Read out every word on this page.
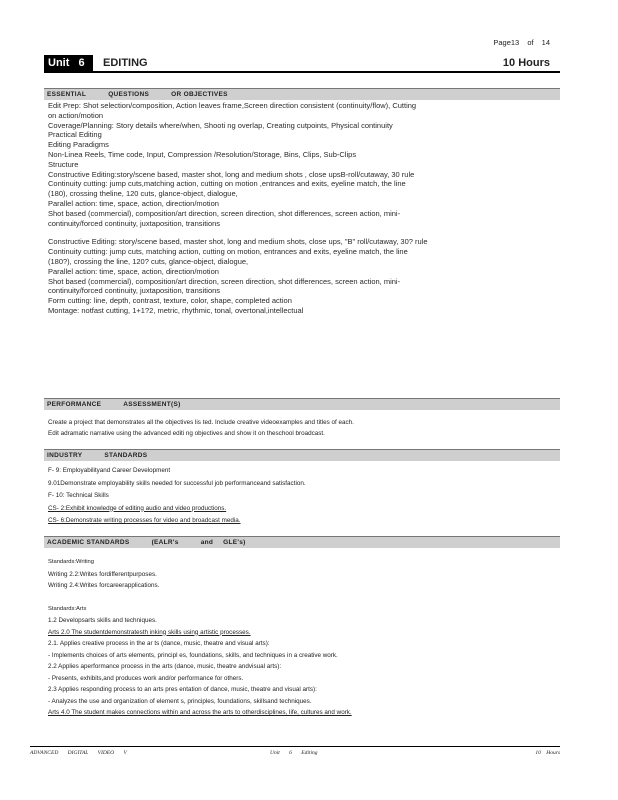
Page13 of 14
Unit 6	EDITING	10 Hours
ESSENTIAL	QUESTIONS	OR OBJECTIVES
Edit Prep: Shot selection/composition, Action leaves frame,Screen direction consistent (continuity/flow), Cutting
on action/motion
Coverage/Planning: Story details where/when, Shooti ng overlap, Creating cutpoints, Physical continuity
Practical Editing
Editing Paradigms
Non-Linea Reels, Time code, Input, Compression /Resolution/Storage, Bins, Clips, Sub-Clips
Structure
Constructive Editing:story/scene based, master shot, long and medium shots , close upsB-roll/cutaway, 30 rule
Continuity cutting: jump cuts,matching action, cutting on motion ,entrances and exits, eyeline match, the line
(180), crossing theline, 120 cuts, glance-object, dialogue,
Parallel action: time, space, action, direction/motion
Shot based (commercial), composition/art direction, screen direction, shot differences, screen action, mini-
continuity/forced continuity, juxtaposition, transitions
Constructive Editing: story/scene based, master shot, long and medium shots, close ups, "B" roll/cutaway, 30? rule
Continuity cutting: jump cuts, matching action, cutting on motion, entrances and exits, eyeline match, the line
(180?), crossing the line, 120? cuts, glance-object, dialogue,
Parallel action: time, space, action, direction/motion
Shot based (commercial), composition/art direction, screen direction, shot differences, screen action, mini-
continuity/forced continuity, juxtaposition, transitions
Form cutting: line, depth, contrast, texture, color, shape, completed action
Montage: notfast cutting, 1+1?2, metric, rhythmic, tonal, overtonal,intellectual
PERFORMANCE	ASSESSMENT(S)
Create a project that demonstrates all the objectives lis ted. Include creative videoexamples and titles of each.
Edit adramatic narrative using the advanced editi ng objectives and show it on theschool broadcast.
INDUSTRY	STANDARDS
F- 9: Employabilityand Career Development
9.01Demonstrate employability skills needed for successful job performanceand satisfaction.
F- 10: Technical Skills
CS- 2:Exhibit knowledge of editing audio and video productions.
CS- 6:Demonstrate writing processes for video and broadcast media.
ACADEMIC STANDARDS	(EALR's	and GLE's)
Standards:Writing
Writing 2.2:Writes fordifferentpurposes.
Writing 2.4:Writes forcareerapplications.
Standards:Arts
1.2 Developsarts skills and techniques.
Arts 2.0 The studentdemonstratesth inking skills using artistic processes.
2.1. Applies creative process in the ar ts (dance, music, theatre and visual arts):
- Implements choices of arts elements, principl es, foundations, skills, and techniques in a creative work.
2.2 Applies aperformance process in the arts (dance, music, theatre andvisual arts):
- Presents, exhibits,and produces work and/or performance for others.
2.3 Applies responding process to an arts pres entation of dance, music, theatre and visual arts):
- Analyzes the use and organization of element s, principles, foundations, skillsand techniques.
Arts 4.0 The student makes connections within and across the arts to otherdisciplines, life, cultures and work.
ADVANCED DIGITAL VIDEO V	Unit 6 Editing	10 Hours
